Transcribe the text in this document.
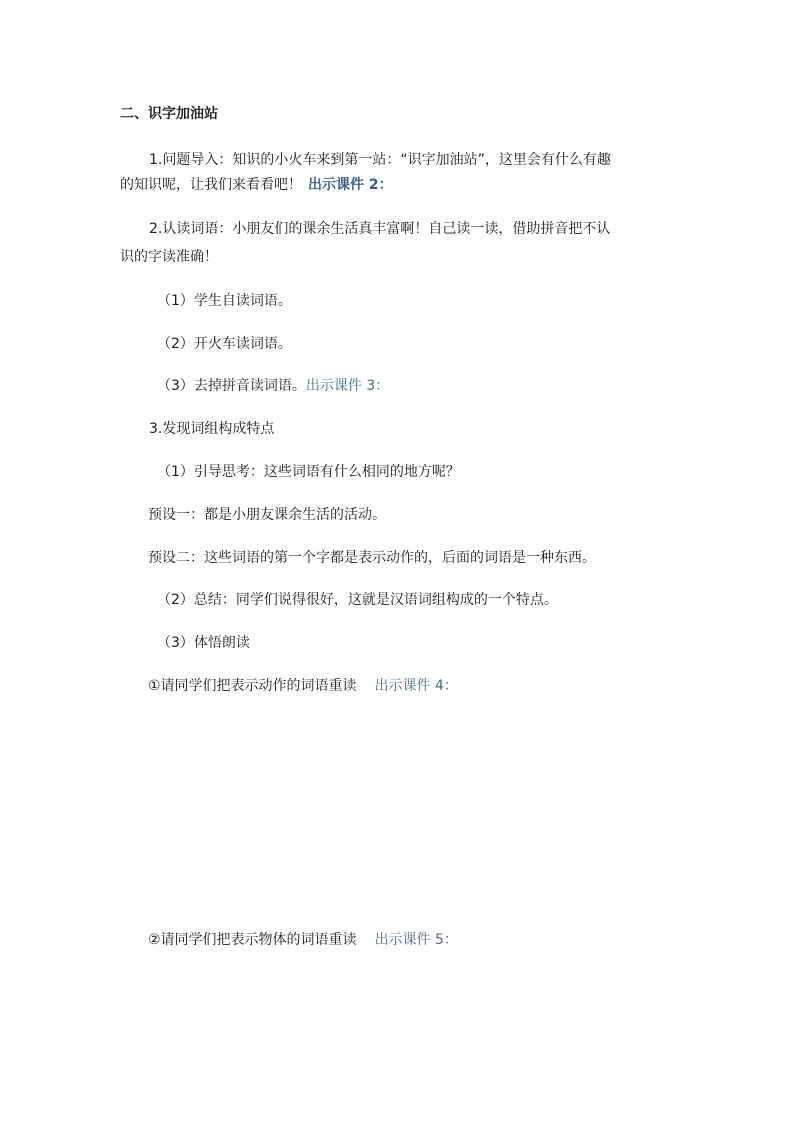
二、识字加油站
1.问题导入：知识的小火车来到第一站：“识字加油站”，这里会有什么有趣
的知识呢，让我们来看看吧！ 出示课件 2：
2.认读词语：小朋友们的课余生活真丰富啊！自己读一读，借助拼音把不认
识的字读准确！
（1）学生自读词语。
（2）开火车读词语。
（3）去掉拼音读词语。出示课件 3：
3.发现词组构成特点
（1）引导思考：这些词语有什么相同的地方呢？
预设一：都是小朋友课余生活的活动。
预设二：这些词语的第一个字都是表示动作的，后面的词语是一种东西。
（2）总结：同学们说得很好，这就是汉语词组构成的一个特点。
（3）体悟朗读
①请同学们把表示动作的词语重读 出示课件 4：
②请同学们把表示物体的词语重读 出示课件 5：
